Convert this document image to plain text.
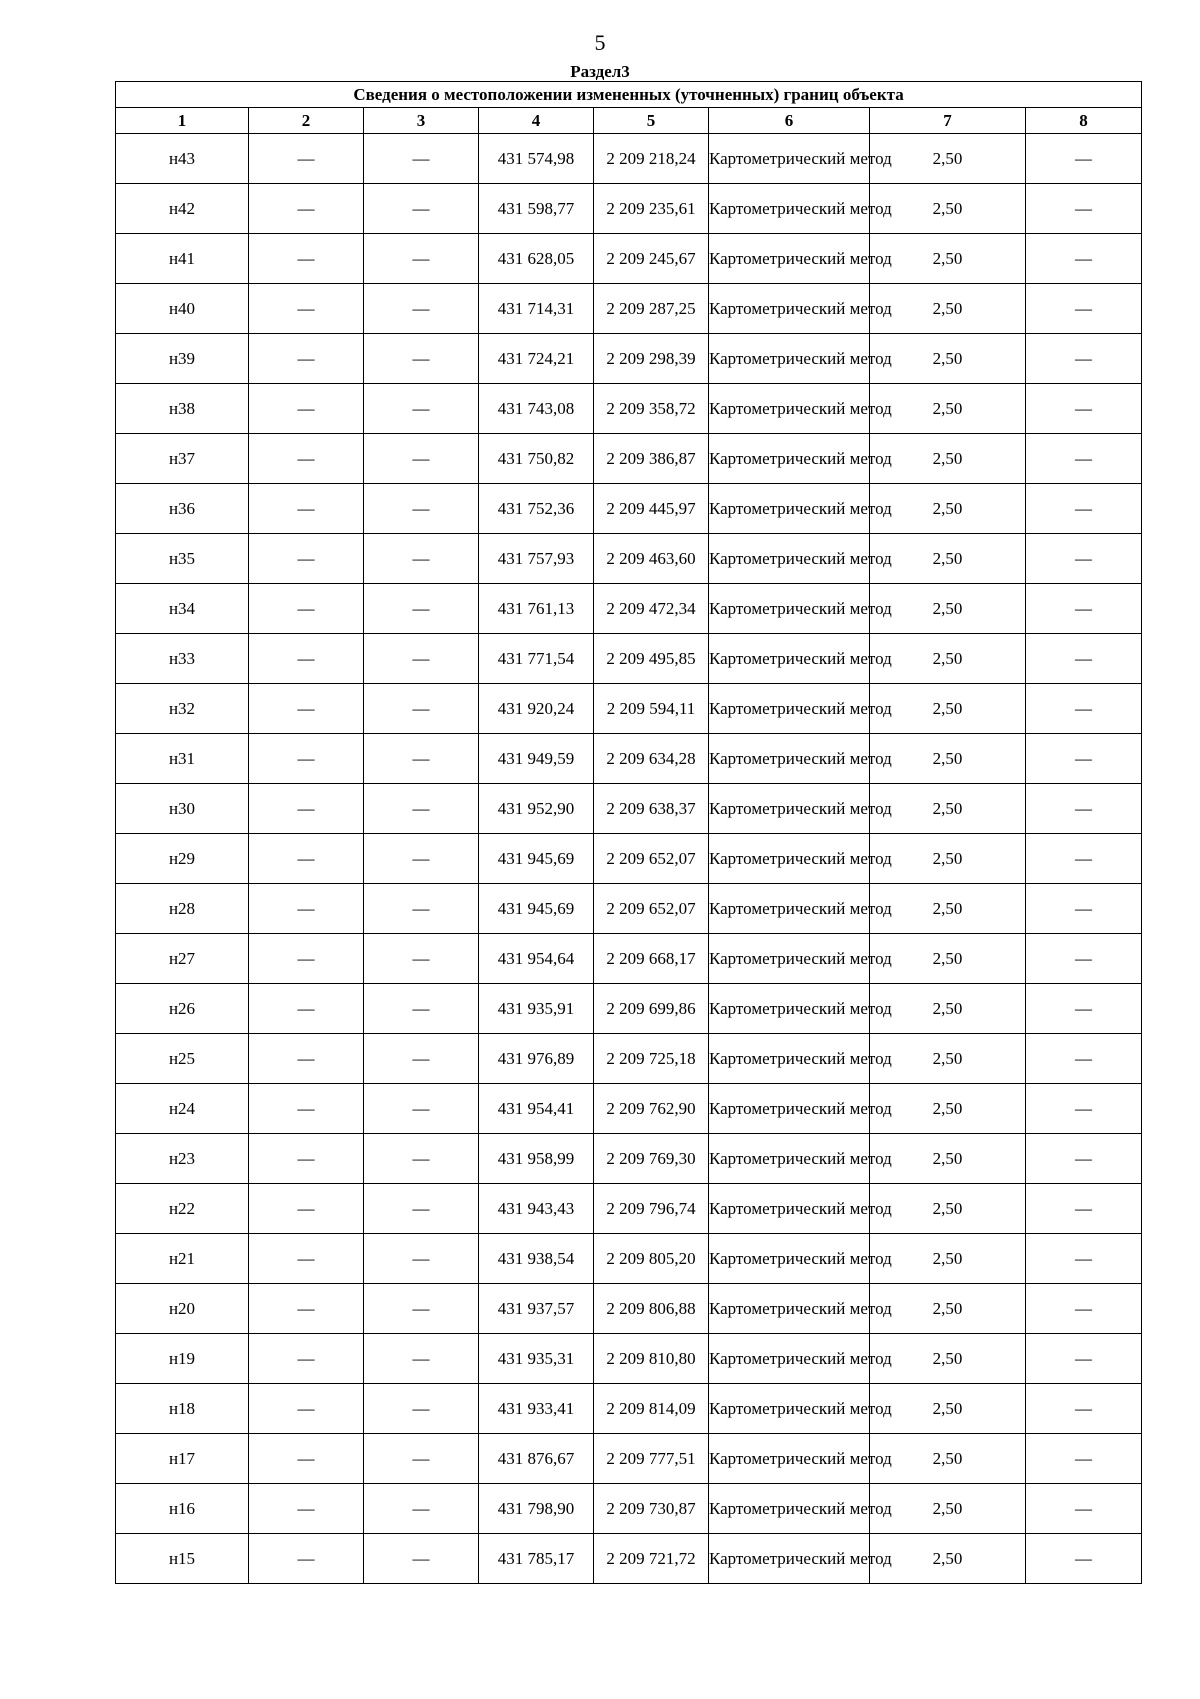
5
Раздел3
Сведения о местоположении измененных (уточненных) границ объекта							
1	2	3	4	5	6	7	8
н43	—	—	431 574,98	2 209 218,24	Картометрический метод	2,50	—
н42	—	—	431 598,77	2 209 235,61	Картометрический метод	2,50	—
н41	—	—	431 628,05	2 209 245,67	Картометрический метод	2,50	—
н40	—	—	431 714,31	2 209 287,25	Картометрический метод	2,50	—
н39	—	—	431 724,21	2 209 298,39	Картометрический метод	2,50	—
н38	—	—	431 743,08	2 209 358,72	Картометрический метод	2,50	—
н37	—	—	431 750,82	2 209 386,87	Картометрический метод	2,50	—
н36	—	—	431 752,36	2 209 445,97	Картометрический метод	2,50	—
н35	—	—	431 757,93	2 209 463,60	Картометрический метод	2,50	—
н34	—	—	431 761,13	2 209 472,34	Картометрический метод	2,50	—
н33	—	—	431 771,54	2 209 495,85	Картометрический метод	2,50	—
н32	—	—	431 920,24	2 209 594,11	Картометрический метод	2,50	—
н31	—	—	431 949,59	2 209 634,28	Картометрический метод	2,50	—
н30	—	—	431 952,90	2 209 638,37	Картометрический метод	2,50	—
н29	—	—	431 945,69	2 209 652,07	Картометрический метод	2,50	—
н28	—	—	431 945,69	2 209 652,07	Картометрический метод	2,50	—
н27	—	—	431 954,64	2 209 668,17	Картометрический метод	2,50	—
н26	—	—	431 935,91	2 209 699,86	Картометрический метод	2,50	—
н25	—	—	431 976,89	2 209 725,18	Картометрический метод	2,50	—
н24	—	—	431 954,41	2 209 762,90	Картометрический метод	2,50	—
н23	—	—	431 958,99	2 209 769,30	Картометрический метод	2,50	—
н22	—	—	431 943,43	2 209 796,74	Картометрический метод	2,50	—
н21	—	—	431 938,54	2 209 805,20	Картометрический метод	2,50	—
н20	—	—	431 937,57	2 209 806,88	Картометрический метод	2,50	—
н19	—	—	431 935,31	2 209 810,80	Картометрический метод	2,50	—
н18	—	—	431 933,41	2 209 814,09	Картометрический метод	2,50	—
н17	—	—	431 876,67	2 209 777,51	Картометрический метод	2,50	—
н16	—	—	431 798,90	2 209 730,87	Картометрический метод	2,50	—
н15	—	—	431 785,17	2 209 721,72	Картометрический метод	2,50	—
